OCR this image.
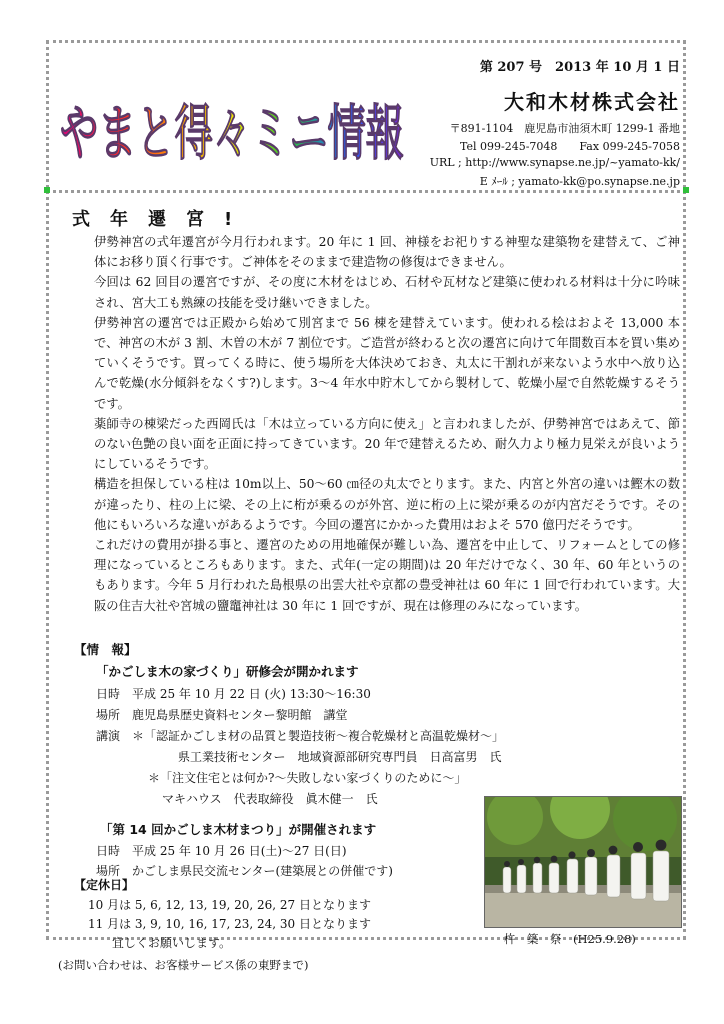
やまと得々ミニ情報
第 207 号　2013 年 10 月 1 日
大和木材株式会社
〒891-1104　鹿児島市油須木町 1299-1 番地
Tel 099-245-7048　　Fax 099-245-7058
URL ; http://www.synapse.ne.jp/~yamato-kk/
E ﾒｰﾙ ; yamato-kk@po.synapse.ne.jp
式年遷宮!

伊勢神宮の式年遷宮が今月行われます。20 年に 1 回、神様をお祀りする神聖な建築物を建替えて、ご神体にお移り頂く行事です。ご神体をそのままで建造物の修復はできません。

今回は 62 回目の遷宮ですが、その度に木材をはじめ、石材や瓦材など建築に使われる材料は十分に吟味され、宮大工も熟練の技能を受け継いできました。

伊勢神宮の遷宮では正殿から始めて別宮まで 56 棟を建替えています。使われる桧はおよそ 13,000 本で、神宮の木が 3 割、木曽の木が 7 割位です。ご造営が終わると次の遷宮に向けて年間数百本を買い集めていくそうです。買ってくる時に、使う場所を大体決めておき、丸太に干割れが来ないよう水中へ放り込んで乾燥(水分傾斜をなくす?)します。3～4 年水中貯木してから製材して、乾燥小屋で自然乾燥するそうです。

薬師寺の棟梁だった西岡氏は「木は立っている方向に使え」と言われましたが、伊勢神宮ではあえて、節のない色艶の良い面を正面に持ってきています。20 年で建替えるため、耐久力より極力見栄えが良いようにしているそうです。

構造を担保している柱は 10m以上、50～60 ㎝径の丸太でとります。また、内宮と外宮の違いは鰹木の数が違ったり、柱の上に梁、その上に桁が乗るのが外宮、逆に桁の上に梁が乗るのが内宮だそうです。その他にもいろいろな違いがあるようです。今回の遷宮にかかった費用はおよそ 570 億円だそうです。

これだけの費用が掛る事と、遷宮のための用地確保が難しい為、遷宮を中止して、リフォームとしての修理になっているところもあります。また、式年(一定の期間)は 20 年だけでなく、30 年、60 年というのもあります。今年 5 月行われた島根県の出雲大社や京都の豊受神社は 60 年に 1 回で行われています。大阪の住吉大社や宮城の鹽竈神社は 30 年に 1 回ですが、現在は修理のみになっています。

【情　報】
「かごしま木の家づくり」研修会が開かれます
日時　平成 25 年 10 月 22 日 (火) 13:30～16:30
場所　鹿児島県歴史資料センター黎明館　講堂
講演　＊「認証かごしま材の品質と製造技術～複合乾燥材と高温乾燥材～」
県工業技術センター　地域資源部研究専門員　日高富男　氏
＊「注文住宅とは何か?～失敗しない家づくりのために～」
マキハウス　代表取締役　眞木健一　氏
「第 14 回かごしま木材まつり」が開催されます
日時　平成 25 年 10 月 26 日(土)～27 日(日)
場所　かごしま県民交流センター(建築展との併催です)
【定休日】
10 月は 5, 6, 12, 13, 19, 20, 26, 27 日となります
11 月は 3, 9, 10, 16, 17, 23, 24, 30 日となります
宜しくお願いします。	杵　築　祭　(H25.9.28)
(お問い合わせは、お客様サービス係の東野まで)
